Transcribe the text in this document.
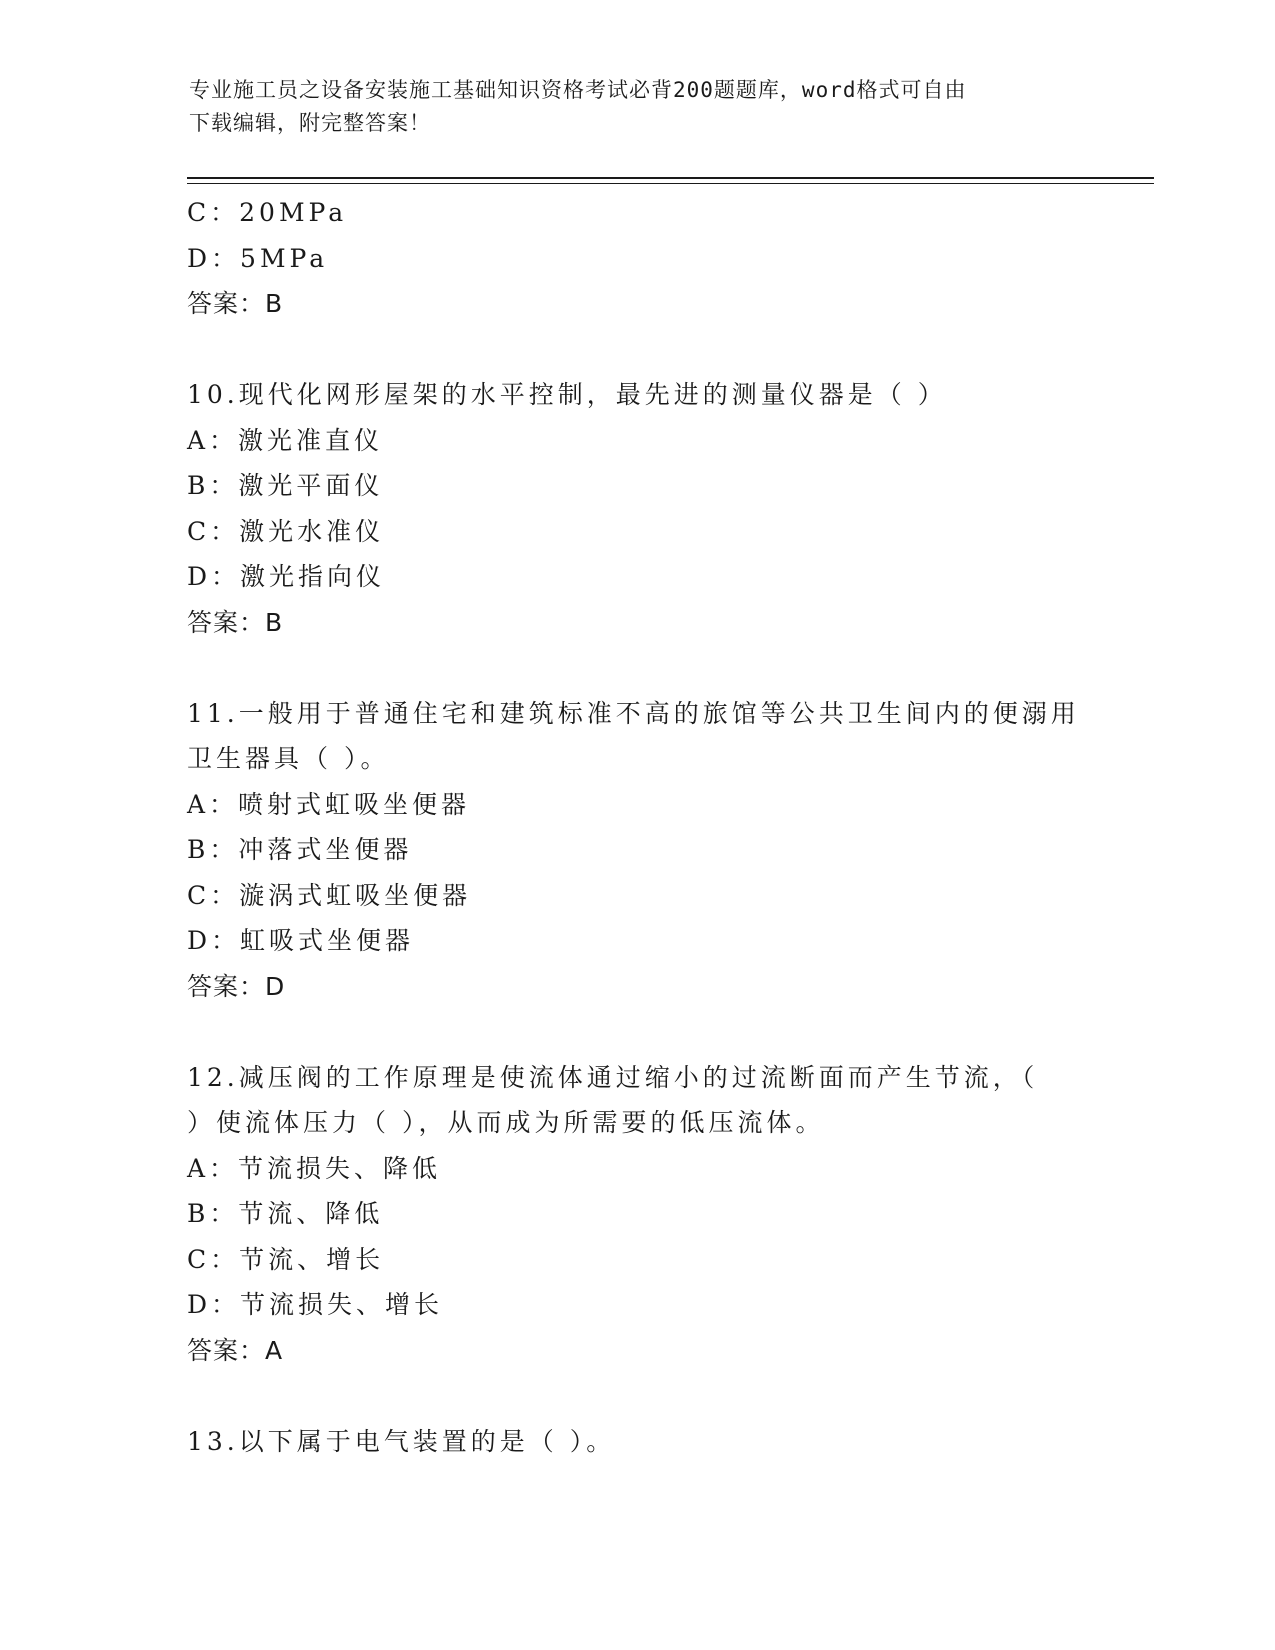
专业施工员之设备安装施工基础知识资格考试必背200题题库，word格式可自由
下载编辑，附完整答案！
C：20MPa
D：5MPa
答案：B
10.现代化网形屋架的水平控制，最先进的测量仪器是（ ）
A：激光准直仪
B：激光平面仪
C：激光水准仪
D：激光指向仪
答案：B
11.一般用于普通住宅和建筑标准不高的旅馆等公共卫生间内的便溺用
卫生器具（ ）。
A：喷射式虹吸坐便器
B：冲落式坐便器
C：漩涡式虹吸坐便器
D：虹吸式坐便器
答案：D
12.减压阀的工作原理是使流体通过缩小的过流断面而产生节流，（
）使流体压力（ ），从而成为所需要的低压流体。
A：节流损失、降低
B：节流、降低
C：节流、增长
D：节流损失、增长
答案：A
13.以下属于电气装置的是（ ）。
